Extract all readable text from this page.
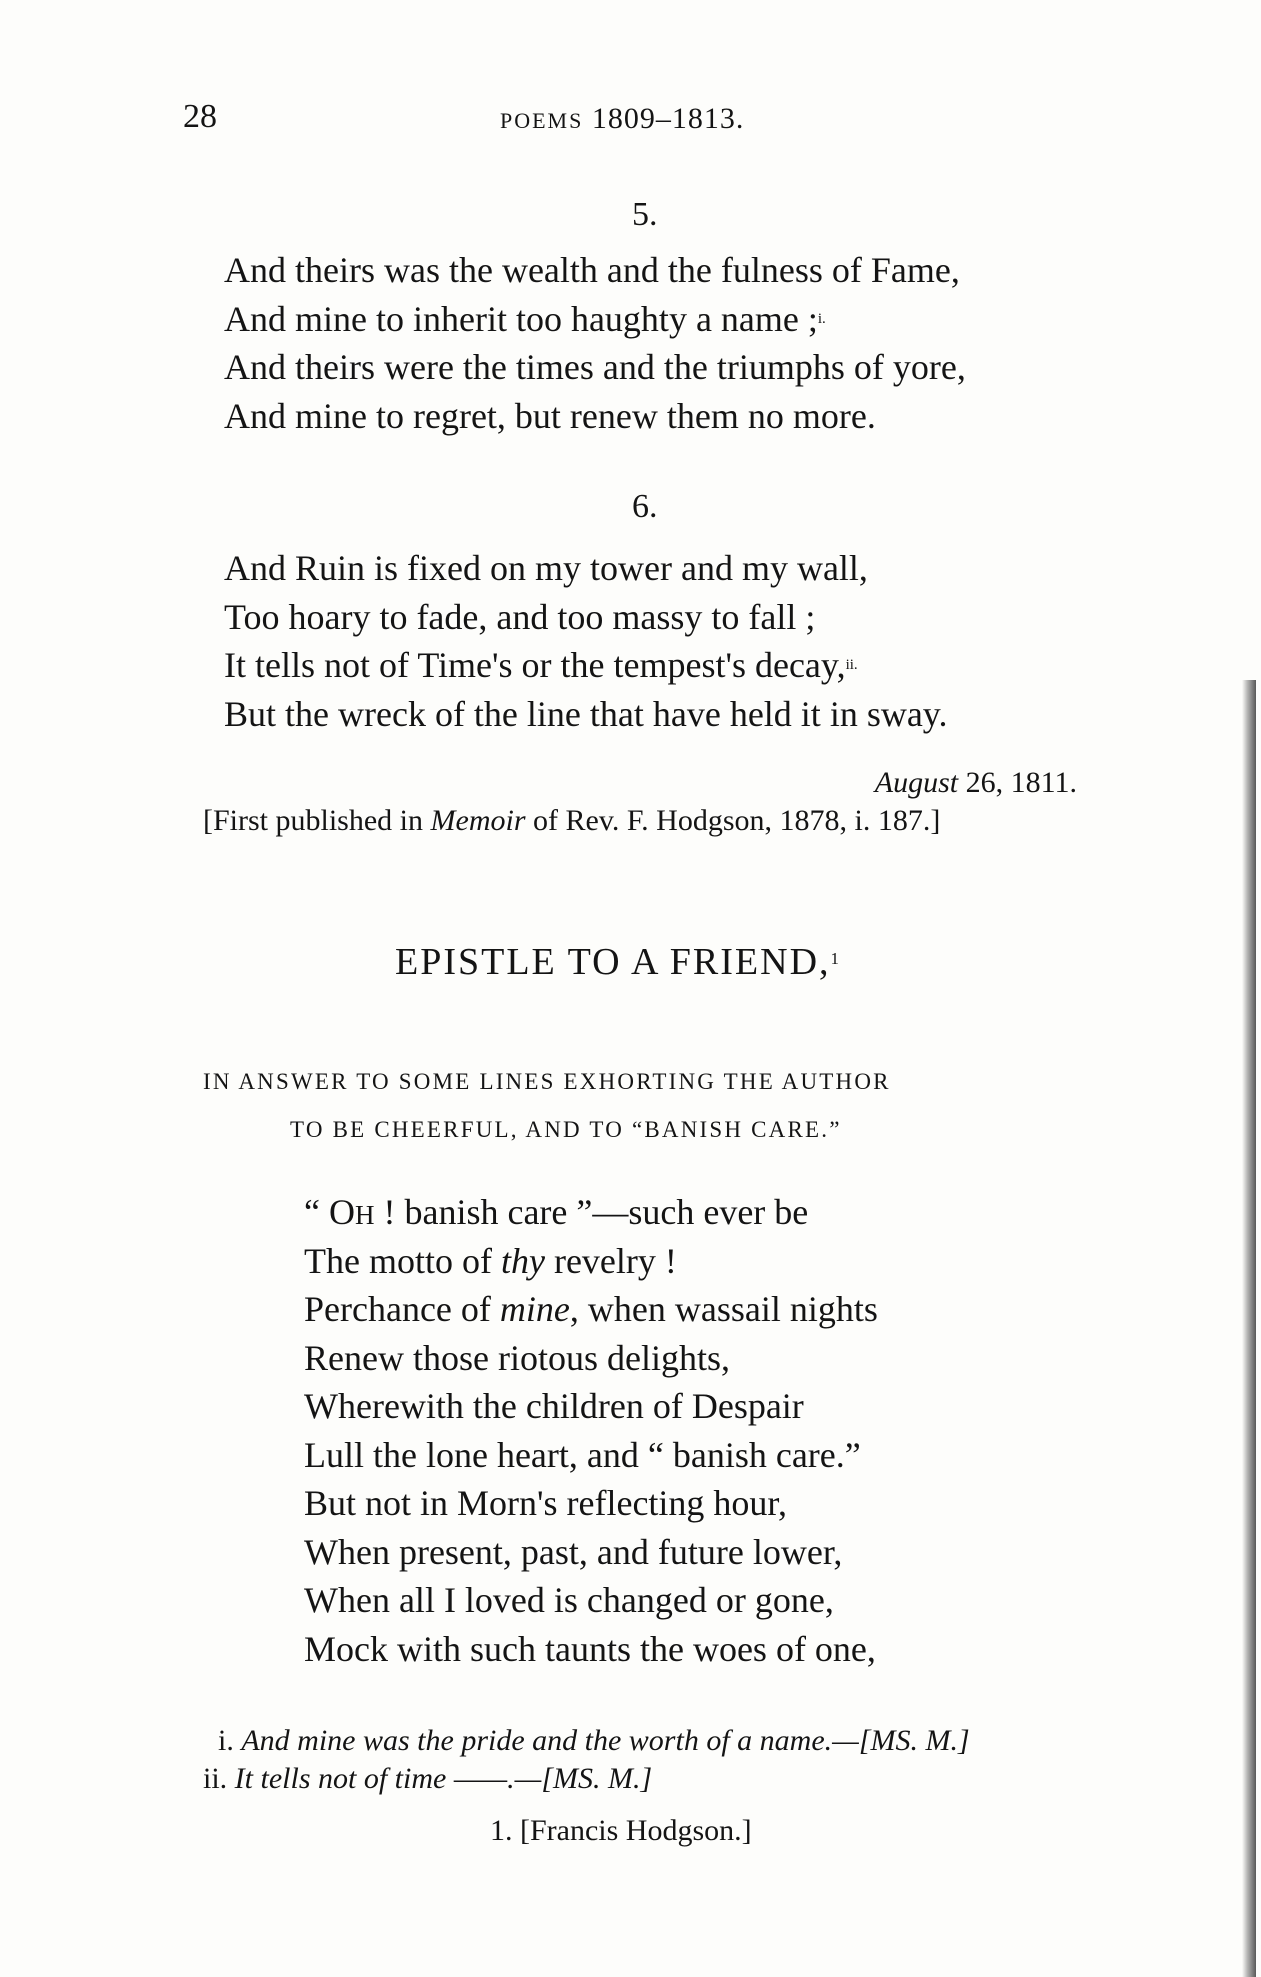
28	POEMS 1809–1813.
5.
And theirs was the wealth and the fulness of Fame,
And mine to inherit too haughty a name ;$^{i.}$
And theirs were the times and the triumphs of yore,
And mine to regret, but renew them no more.
6.
And Ruin is fixed on my tower and my wall,
Too hoary to fade, and too massy to fall ;
It tells not of Time's or the tempest's decay,$^{ii.}$
But the wreck of the line that have held it in sway.
August 26, 1811.
[First published in Memoir of Rev. F. Hodgson, 1878, i. 187.]
EPISTLE TO A FRIEND,$^1$
IN ANSWER TO SOME LINES EXHORTING THE AUTHOR
TO BE CHEERFUL, AND TO “BANISH CARE.”
“ OH ! banish care ”—such ever be
The motto of thy revelry !
Perchance of mine, when wassail nights
Renew those riotous delights,
Wherewith the children of Despair
Lull the lone heart, and “ banish care.”
But not in Morn's reflecting hour,
When present, past, and future lower,
When all I loved is changed or gone,
Mock with such taunts the woes of one,
i. And mine was the pride and the worth of a name.—[MS. M.]
ii. It tells not of time ——.—[MS. M.]
1. [Francis Hodgson.]
